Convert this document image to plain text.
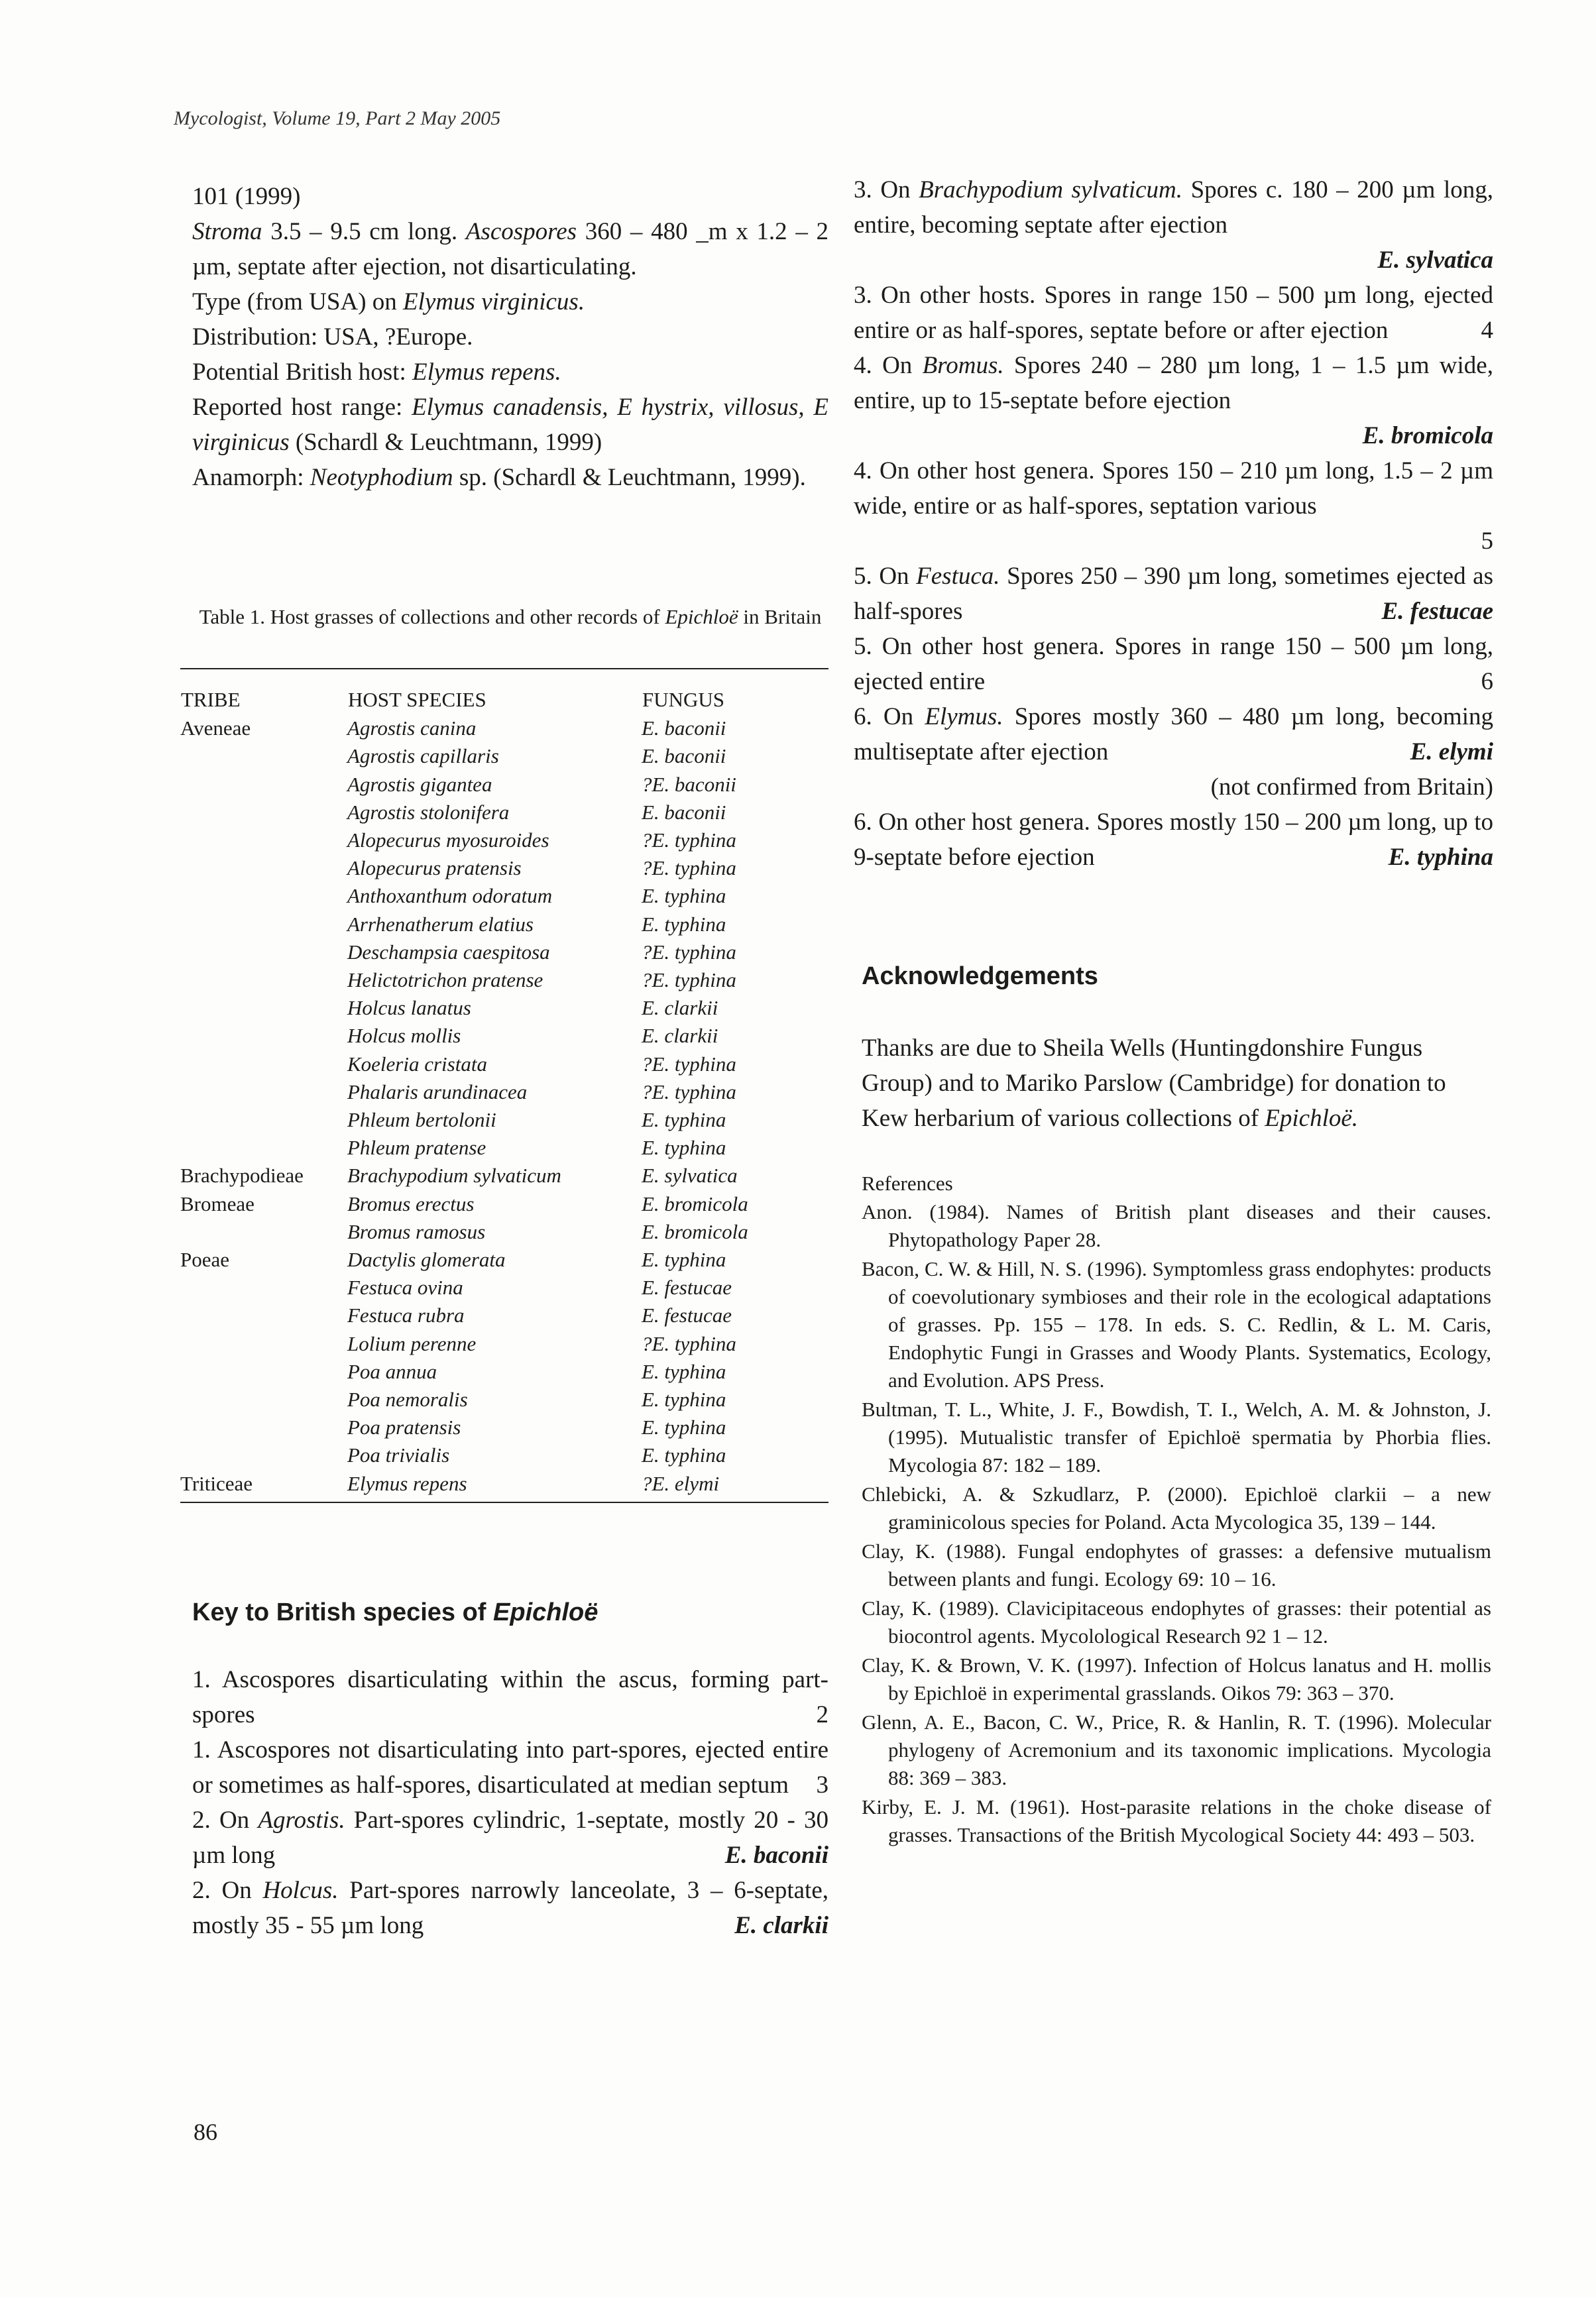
Mycologist, Volume 19, Part 2 May 2005

101 (1999)

Stroma 3.5 – 9.5 cm long. Ascospores 360 – 480 _m x 1.2 – 2 µm, septate after ejection, not disarticulating.

Type (from USA) on Elymus virginicus.

Distribution: USA, ?Europe.

Potential British host: Elymus repens.

Reported host range: Elymus canadensis, E hystrix, villosus, E virginicus (Schardl & Leuchtmann, 1999)

Anamorph: Neotyphodium sp. (Schardl & Leuchtmann, 1999).

Table 1. Host grasses of collections and other records of Epichloë in Britain
TRIBE	HOST SPECIES	FUNGUS
Aveneae	Agrostis canina	E. baconii
	Agrostis capillaris	E. baconii
	Agrostis gigantea	?E. baconii
	Agrostis stolonifera	E. baconii
	Alopecurus myosuroides	?E. typhina
	Alopecurus pratensis	?E. typhina
	Anthoxanthum odoratum	E. typhina
	Arrhenatherum elatius	E. typhina
	Deschampsia caespitosa	?E. typhina
	Helictotrichon pratense	?E. typhina
	Holcus lanatus	E. clarkii
	Holcus mollis	E. clarkii
	Koeleria cristata	?E. typhina
	Phalaris arundinacea	?E. typhina
	Phleum bertolonii	E. typhina
	Phleum pratense	E. typhina
Brachypodieae	Brachypodium sylvaticum	E. sylvatica
Bromeae	Bromus erectus	E. bromicola
	Bromus ramosus	E. bromicola
Poeae	Dactylis glomerata	E. typhina
	Festuca ovina	E. festucae
	Festuca rubra	E. festucae
	Lolium perenne	?E. typhina
	Poa annua	E. typhina
	Poa nemoralis	E. typhina
	Poa pratensis	E. typhina
	Poa trivialis	E. typhina
Triticeae	Elymus repens	?E. elymi
Key to British species of Epichloë

1. Ascospores disarticulating within the ascus, forming part-spores	2

1. Ascospores not disarticulating into part-spores, ejected entire or sometimes as half-spores, disarticulated at median septum 3

2. On Agrostis. Part-spores cylindric, 1-septate, mostly 20 - 30 µm long	E. baconii

2. On Holcus. Part-spores narrowly lanceolate, 3 – 6-septate, mostly 35 - 55 µm long	E. clarkii

3. On Brachypodium sylvaticum. Spores c. 180 – 200 µm long, entire, becoming septate after ejection

E. sylvatica

3. On other hosts. Spores in range 150 – 500 µm long, ejected entire or as half-spores, septate before or after ejection	4

4. On Bromus. Spores 240 – 280 µm long, 1 – 1.5 µm wide, entire, up to 15-septate before ejection

E. bromicola

4. On other host genera. Spores 150 – 210 µm long, 1.5 – 2 µm wide, entire or as half-spores, septation various

5

5. On Festuca. Spores 250 – 390 µm long, sometimes ejected as half-spores	E. festucae

5. On other host genera. Spores in range 150 – 500 µm long, ejected entire	6

6. On Elymus. Spores mostly 360 – 480 µm long, becoming multiseptate after ejection	E. elymi

(not confirmed from Britain)

6. On other host genera. Spores mostly 150 – 200 µm long, up to 9-septate before ejection	E. typhina

Acknowledgements
Thanks are due to Sheila Wells (Huntingdonshire Fungus Group) and to Mariko Parslow (Cambridge) for donation to Kew herbarium of various collections of Epichloë.

References

Anon. (1984). Names of British plant diseases and their causes. Phytopathology Paper 28.

Bacon, C. W. & Hill, N. S. (1996). Symptomless grass endophytes: products of coevolutionary symbioses and their role in the ecological adaptations of grasses. Pp. 155 – 178. In eds. S. C. Redlin, & L. M. Caris, Endophytic Fungi in Grasses and Woody Plants. Systematics, Ecology, and Evolution. APS Press.

Bultman, T. L., White, J. F., Bowdish, T. I., Welch, A. M. & Johnston, J. (1995). Mutualistic transfer of Epichloë spermatia by Phorbia flies. Mycologia 87: 182 – 189.

Chlebicki, A. & Szkudlarz, P. (2000). Epichloë clarkii – a new graminicolous species for Poland. Acta Mycologica 35, 139 – 144.

Clay, K. (1988). Fungal endophytes of grasses: a defensive mutualism between plants and fungi. Ecology 69: 10 – 16.

Clay, K. (1989). Clavicipitaceous endophytes of grasses: their potential as biocontrol agents. Mycolological Research 92 1 – 12.

Clay, K. & Brown, V. K. (1997). Infection of Holcus lanatus and H. mollis by Epichloë in experimental grasslands. Oikos 79: 363 – 370.

Glenn, A. E., Bacon, C. W., Price, R. & Hanlin, R. T. (1996). Molecular phylogeny of Acremonium and its taxonomic implications. Mycologia 88: 369 – 383.

Kirby, E. J. M. (1961). Host-parasite relations in the choke disease of grasses. Transactions of the British Mycological Society 44: 493 – 503.

86
